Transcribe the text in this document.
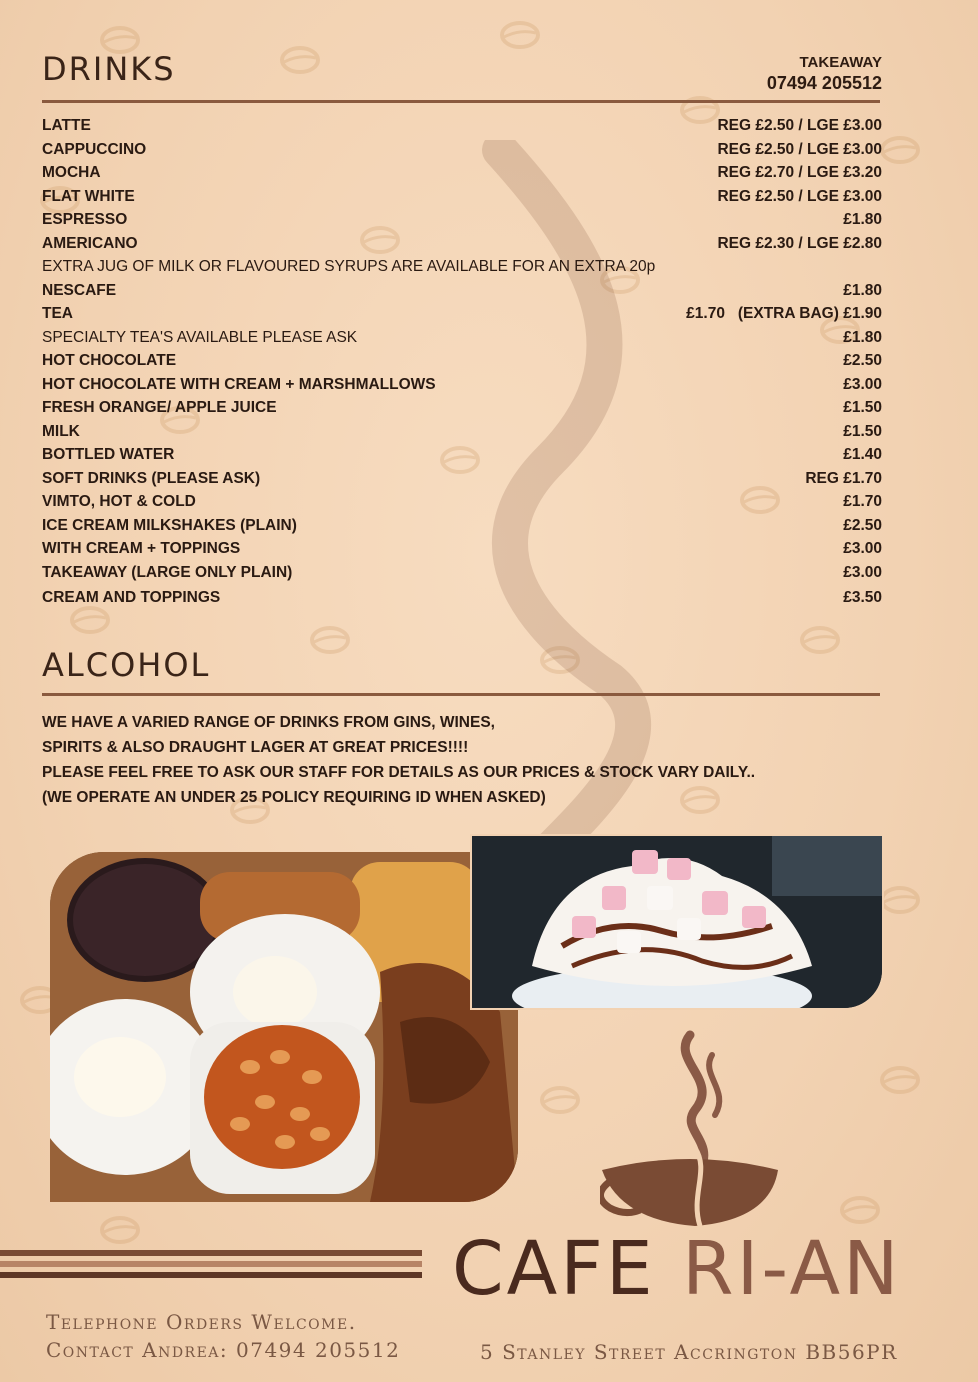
DRINKS	TAKEAWAY
07494 205512
LATTE	REG £2.50 / LGE £3.00
CAPPUCCINO	REG £2.50 / LGE £3.00
MOCHA	REG £2.70 / LGE £3.20
FLAT WHITE	REG £2.50 / LGE £3.00
ESPRESSO	£1.80
AMERICANO	REG £2.30 / LGE £2.80
EXTRA JUG OF MILK OR FLAVOURED SYRUPS ARE AVAILABLE FOR AN EXTRA 20p
NESCAFE	£1.80
TEA	£1.70   (EXTRA BAG) £1.90
SPECIALTY TEA'S AVAILABLE PLEASE ASK	£1.80
HOT CHOCOLATE	£2.50
HOT CHOCOLATE WITH CREAM + MARSHMALLOWS	£3.00
FRESH ORANGE/ APPLE JUICE	£1.50
MILK	£1.50
BOTTLED WATER	£1.40
SOFT DRINKS (PLEASE ASK)	REG £1.70
VIMTO, HOT & COLD	£1.70
ICE CREAM MILKSHAKES (PLAIN)	£2.50
WITH CREAM + TOPPINGS	£3.00
TAKEAWAY (LARGE ONLY PLAIN)	£3.00
CREAM AND TOPPINGS	£3.50
ALCOHOL
WE HAVE A VARIED RANGE OF DRINKS FROM GINS, WINES,
SPIRITS & ALSO DRAUGHT LAGER AT GREAT PRICES!!!!
PLEASE FEEL FREE TO ASK OUR STAFF FOR DETAILS AS OUR PRICES & STOCK VARY DAILY..
(WE OPERATE AN UNDER 25 POLICY REQUIRING ID WHEN ASKED)
CAFE RI-AN
Telephone Orders Welcome.
Contact Andrea: 07494 205512	5 Stanley Street Accrington BB56PR
